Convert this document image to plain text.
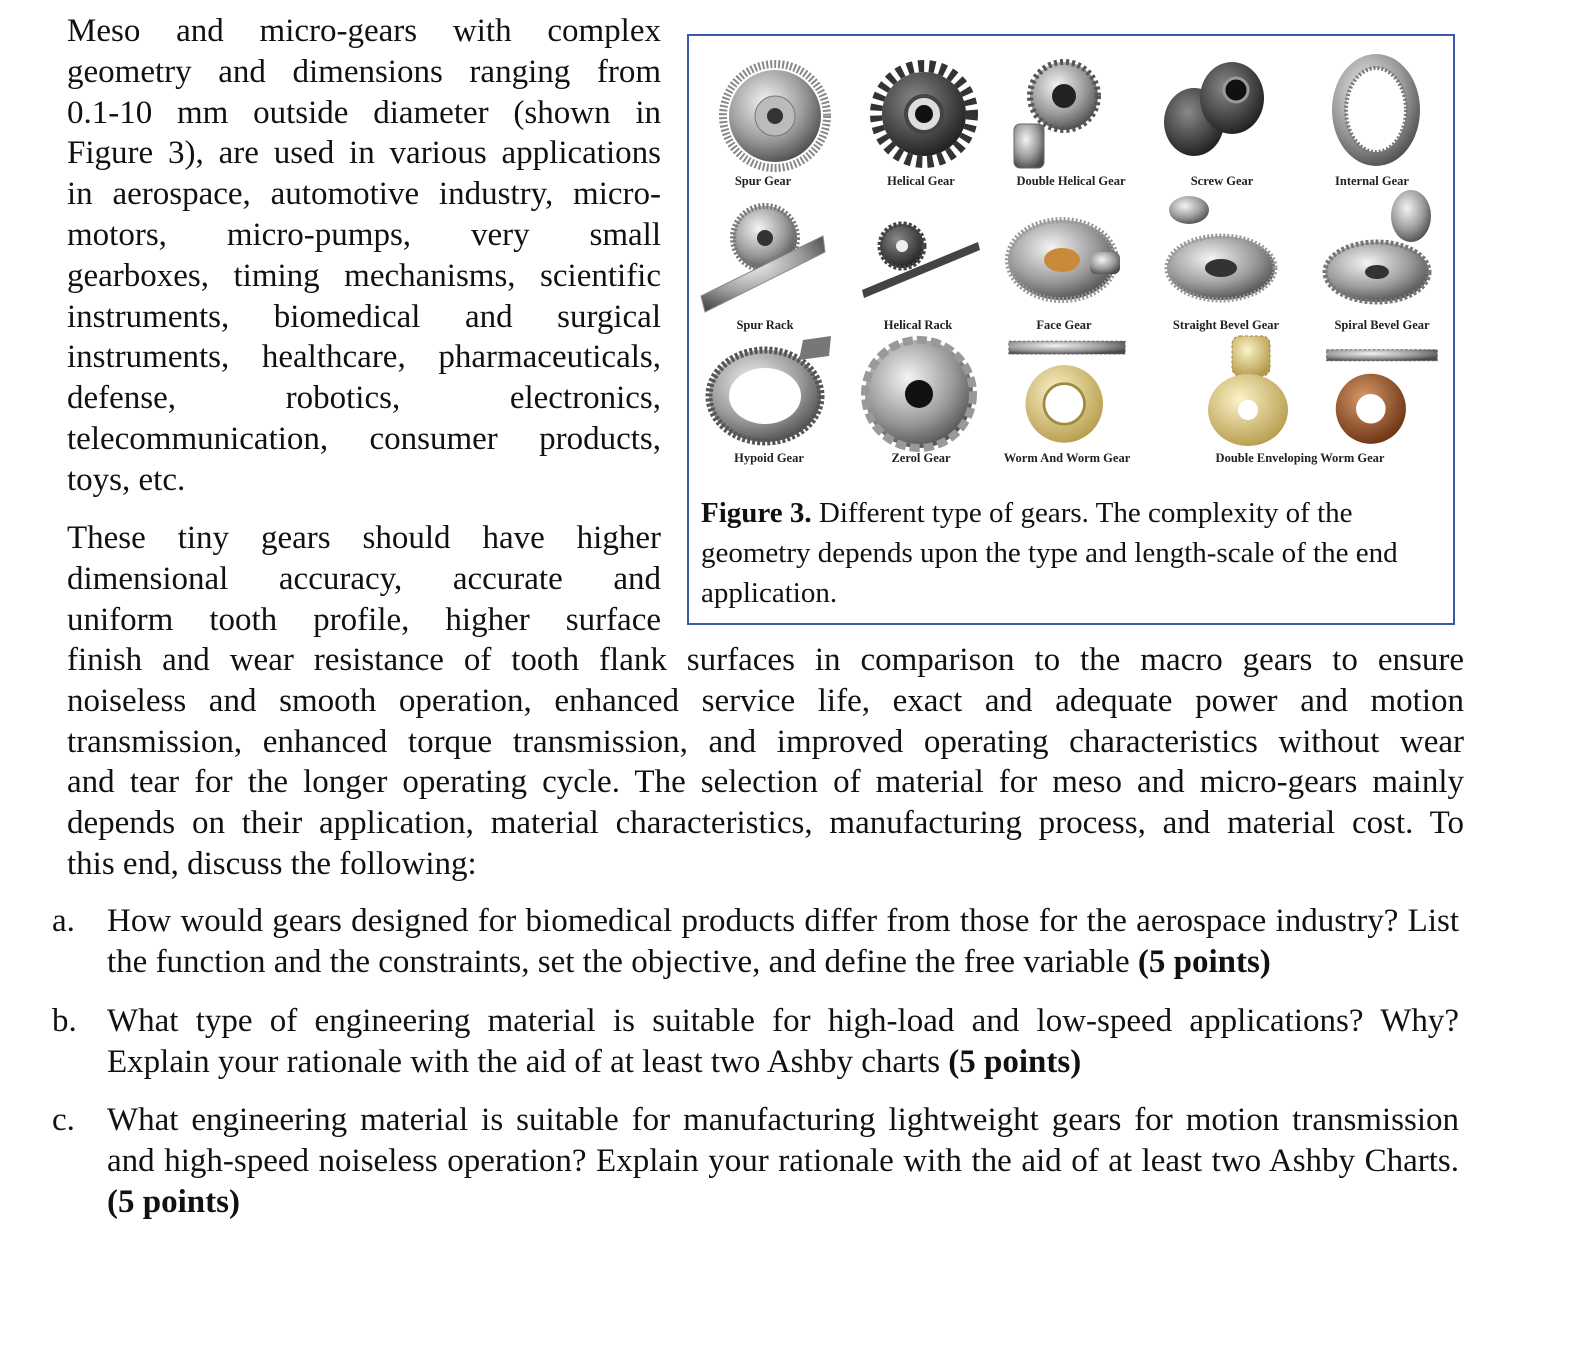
Meso and micro-gears with complex
geometry and dimensions ranging from
0.1-10 mm outside diameter (shown in
Figure 3), are used in various applications
in aerospace, automotive industry, micro-
motors, micro-pumps, very small
gearboxes, timing mechanisms, scientific
instruments, biomedical and surgical
instruments, healthcare, pharmaceuticals,
defense, robotics, electronics,
telecommunication, consumer products,
toys, etc.
These tiny gears should have higher
dimensional accuracy, accurate and
uniform tooth profile, higher surface
finish and wear resistance of tooth flank surfaces in comparison to the macro gears to ensure
noiseless and smooth operation, enhanced service life, exact and adequate power and motion
transmission, enhanced torque transmission, and improved operating characteristics without wear
and tear for the longer operating cycle. The selection of material for meso and micro-gears mainly
depends on their application, material characteristics, manufacturing process, and material cost. To
this end, discuss the following:
Spur Gear	Helical Gear	Double Helical Gear	Screw Gear	Internal Gear
Spur Rack	Helical Rack	Face Gear	Straight Bevel Gear	Spiral Bevel Gear
Hypoid Gear	Zerol Gear	Worm And Worm Gear	Double Enveloping Worm Gear
Figure 3. Different type of gears. The complexity of the geometry depends upon the type and length-scale of the end application.
a. How would gears designed for biomedical products differ from those for the aerospace industry? List the function and the constraints, set the objective, and define the free variable (5 points)
b. What type of engineering material is suitable for high-load and low-speed applications? Why? Explain your rationale with the aid of at least two Ashby charts (5 points)
c. What engineering material is suitable for manufacturing lightweight gears for motion transmission and high-speed noiseless operation? Explain your rationale with the aid of at least two Ashby Charts. (5 points)
